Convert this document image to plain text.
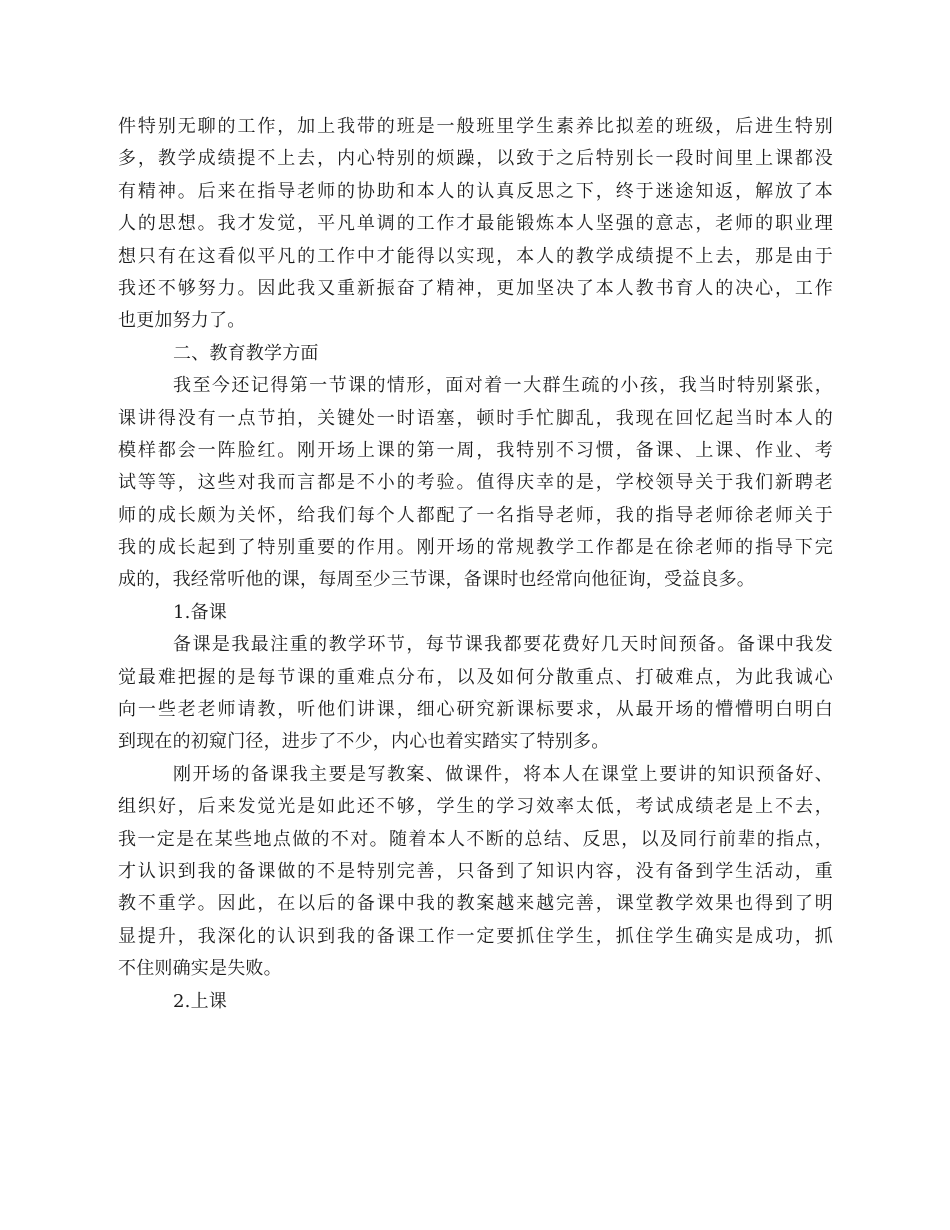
件特别无聊的工作，加上我带的班是一般班里学生素养比拟差的班级，后进生特别
多，教学成绩提不上去，内心特别的烦躁，以致于之后特别长一段时间里上课都没
有精神。后来在指导老师的协助和本人的认真反思之下，终于迷途知返，解放了本
人的思想。我才发觉，平凡单调的工作才最能锻炼本人坚强的意志，老师的职业理
想只有在这看似平凡的工作中才能得以实现，本人的教学成绩提不上去，那是由于
我还不够努力。因此我又重新振奋了精神，更加坚决了本人教书育人的决心，工作
也更加努力了。
二、教育教学方面
我至今还记得第一节课的情形，面对着一大群生疏的小孩，我当时特别紧张，
课讲得没有一点节拍，关键处一时语塞，顿时手忙脚乱，我现在回忆起当时本人的
模样都会一阵脸红。刚开场上课的第一周，我特别不习惯，备课、上课、作业、考
试等等，这些对我而言都是不小的考验。值得庆幸的是，学校领导关于我们新聘老
师的成长颇为关怀，给我们每个人都配了一名指导老师，我的指导老师徐老师关于
我的成长起到了特别重要的作用。刚开场的常规教学工作都是在徐老师的指导下完
成的，我经常听他的课，每周至少三节课，备课时也经常向他征询，受益良多。
1.备课
备课是我最注重的教学环节，每节课我都要花费好几天时间预备。备课中我发
觉最难把握的是每节课的重难点分布，以及如何分散重点、打破难点，为此我诚心
向一些老老师请教，听他们讲课，细心研究新课标要求，从最开场的懵懵明白明白
到现在的初窥门径，进步了不少，内心也着实踏实了特别多。
刚开场的备课我主要是写教案、做课件，将本人在课堂上要讲的知识预备好、
组织好，后来发觉光是如此还不够，学生的学习效率太低，考试成绩老是上不去，
我一定是在某些地点做的不对。随着本人不断的总结、反思，以及同行前辈的指点，
才认识到我的备课做的不是特别完善，只备到了知识内容，没有备到学生活动，重
教不重学。因此，在以后的备课中我的教案越来越完善，课堂教学效果也得到了明
显提升，我深化的认识到我的备课工作一定要抓住学生，抓住学生确实是成功，抓
不住则确实是失败。
2.上课
